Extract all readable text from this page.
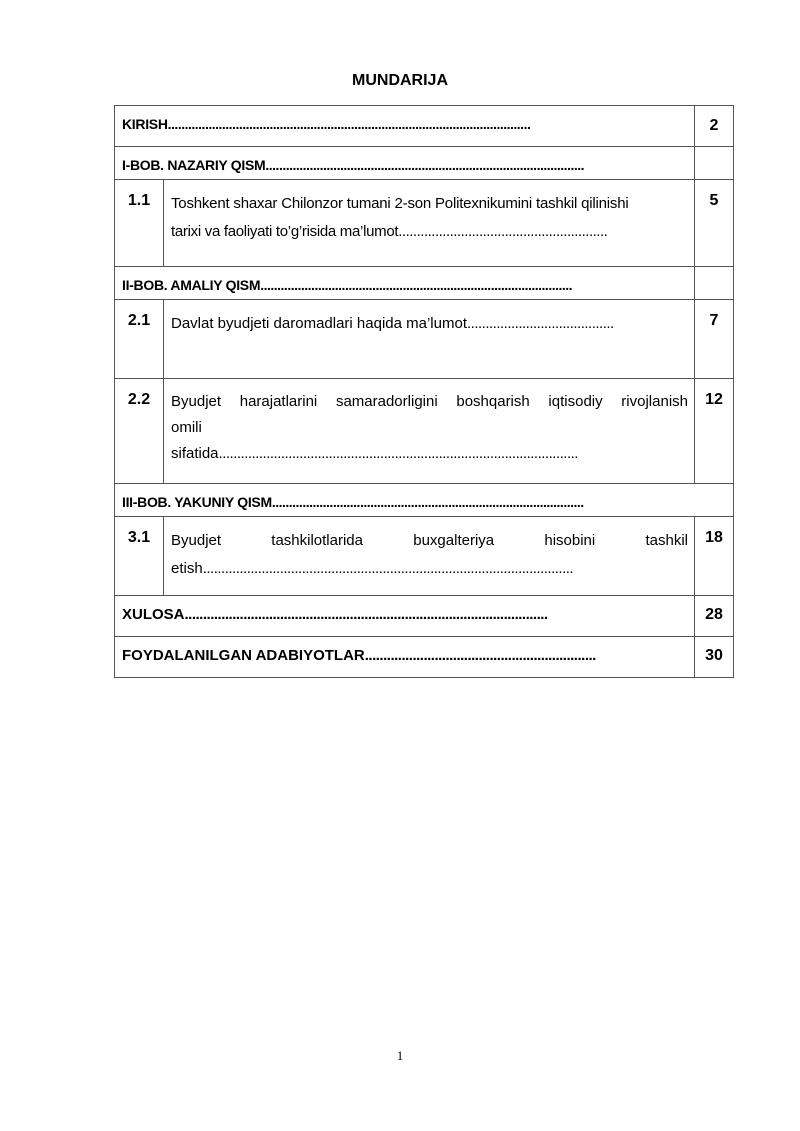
MUNDARIJA
KIRISH...........................................................................................................		2
I-BOB. NAZARIY QISM..............................................................................................		
1.1	Toshkent shaxar Chilonzor tumani 2-son Politexnikumini tashkil qilinishi
tarixi va faoliyati to’g’risida ma’lumot.........................................................	5
II-BOB. AMALIY QISM............................................................................................		
2.1	Davlat byudjeti daromadlari haqida ma’lumot........................................	7
2.2	Byudjet harajatlarini samaradorligini boshqarish iqtisodiy rivojlanish
omili
sifatida..................................................................................................	12
III-BOB. YAKUNIY QISM............................................................................................		
3.1	Byudjet tashkilotlarida buxgalteriya hisobini tashkil
etish.....................................................................................................	18
XULOSA...................................................................................................		28
FOYDALANILGAN ADABIYOTLAR...............................................................		30
1
